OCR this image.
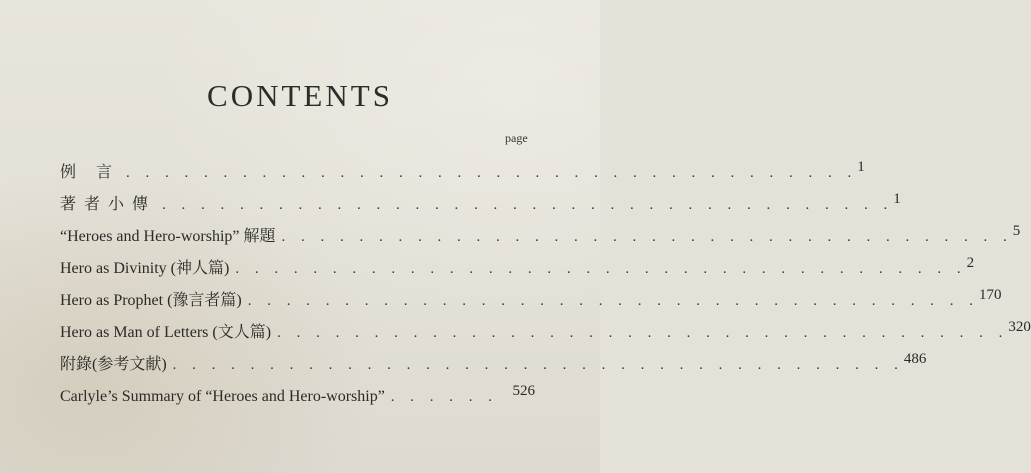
CONTENTS
page
例 言 . . . . . . . . . . . . . . . . . . . . . . . . . . . . . . . . . . . . . . 1
著者小傳 . . . . . . . . . . . . . . . . . . . . . . . . . . . . . . . . . . . . . . 1
“Heroes and Hero-worship” 解題 . . . . . . . . . . . . . . . . . . . . . . . . . . . . . . . . . . . . . . 5
Hero as Divinity (神人篇) . . . . . . . . . . . . . . . . . . . . . . . . . . . . . . . . . . . . . . 2
Hero as Prophet (豫言者篇) . . . . . . . . . . . . . . . . . . . . . . . . . . . . . . . . . . . . . . 170
Hero as Man of Letters (文人篇) . . . . . . . . . . . . . . . . . . . . . . . . . . . . . . . . . . . . . . 320
附錄(参考文献) . . . . . . . . . . . . . . . . . . . . . . . . . . . . . . . . . . . . . . 486
Carlyle’s Summary of “Heroes and Hero-worship” . . . . . . 526
